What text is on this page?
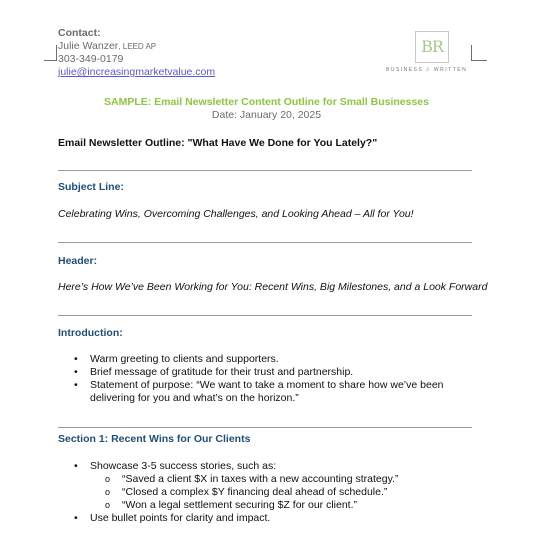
Contact:
Julie Wanzer, LEED AP
303-349-0179
julie@increasingmarketvalue.com
BR
BUSINESS & WRITTEN
SAMPLE: Email Newsletter Content Outline for Small Businesses
Date: January 20, 2025
Email Newsletter Outline: "What Have We Done for You Lately?"
Subject Line:
Celebrating Wins, Overcoming Challenges, and Looking Ahead – All for You!
Header:
Here’s How We’ve Been Working for You: Recent Wins, Big Milestones, and a Look Forward
Introduction:
• Warm greeting to clients and supporters.
• Brief message of gratitude for their trust and partnership.
• Statement of purpose: “We want to take a moment to share how we’ve been delivering for you and what’s on the horizon.”
Section 1: Recent Wins for Our Clients
• Showcase 3-5 success stories, such as:
o “Saved a client $X in taxes with a new accounting strategy.”
o “Closed a complex $Y financing deal ahead of schedule.”
o “Won a legal settlement securing $Z for our client.”
• Use bullet points for clarity and impact.
